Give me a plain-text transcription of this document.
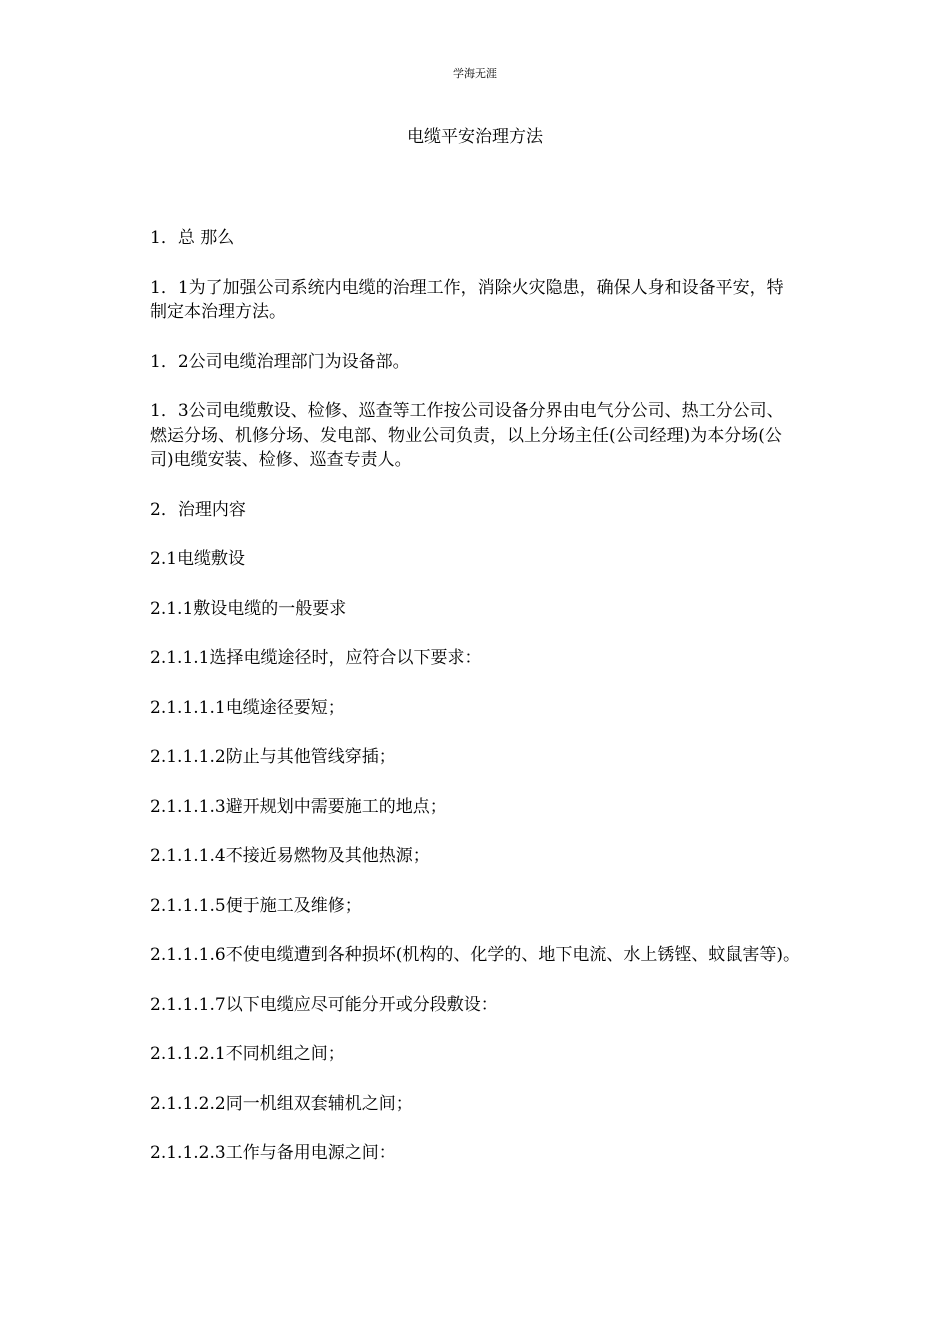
学海无涯
电缆平安治理方法

1．总 那么

1．1为了加强公司系统内电缆的治理工作，消除火灾隐患，确保人身和设备平安，特制定本治理方法。

1．2公司电缆治理部门为设备部。

1．3公司电缆敷设、检修、巡查等工作按公司设备分界由电气分公司、热工分公司、燃运分场、机修分场、发电部、物业公司负责，以上分场主任(公司经理)为本分场(公司)电缆安装、检修、巡查专责人。

2．治理内容

2.1电缆敷设

2.1.1敷设电缆的一般要求

2.1.1.1选择电缆途径时，应符合以下要求：

2.1.1.1.1电缆途径要短；

2.1.1.1.2防止与其他管线穿插；

2.1.1.1.3避开规划中需要施工的地点；

2.1.1.1.4不接近易燃物及其他热源；

2.1.1.1.5便于施工及维修；

2.1.1.1.6不使电缆遭到各种损坏(机构的、化学的、地下电流、水上锈铿、蚊鼠害等)。

2.1.1.1.7以下电缆应尽可能分开或分段敷设：

2.1.1.2.1不同机组之间；

2.1.1.2.2同一机组双套辅机之间；

2.1.1.2.3工作与备用电源之间：
